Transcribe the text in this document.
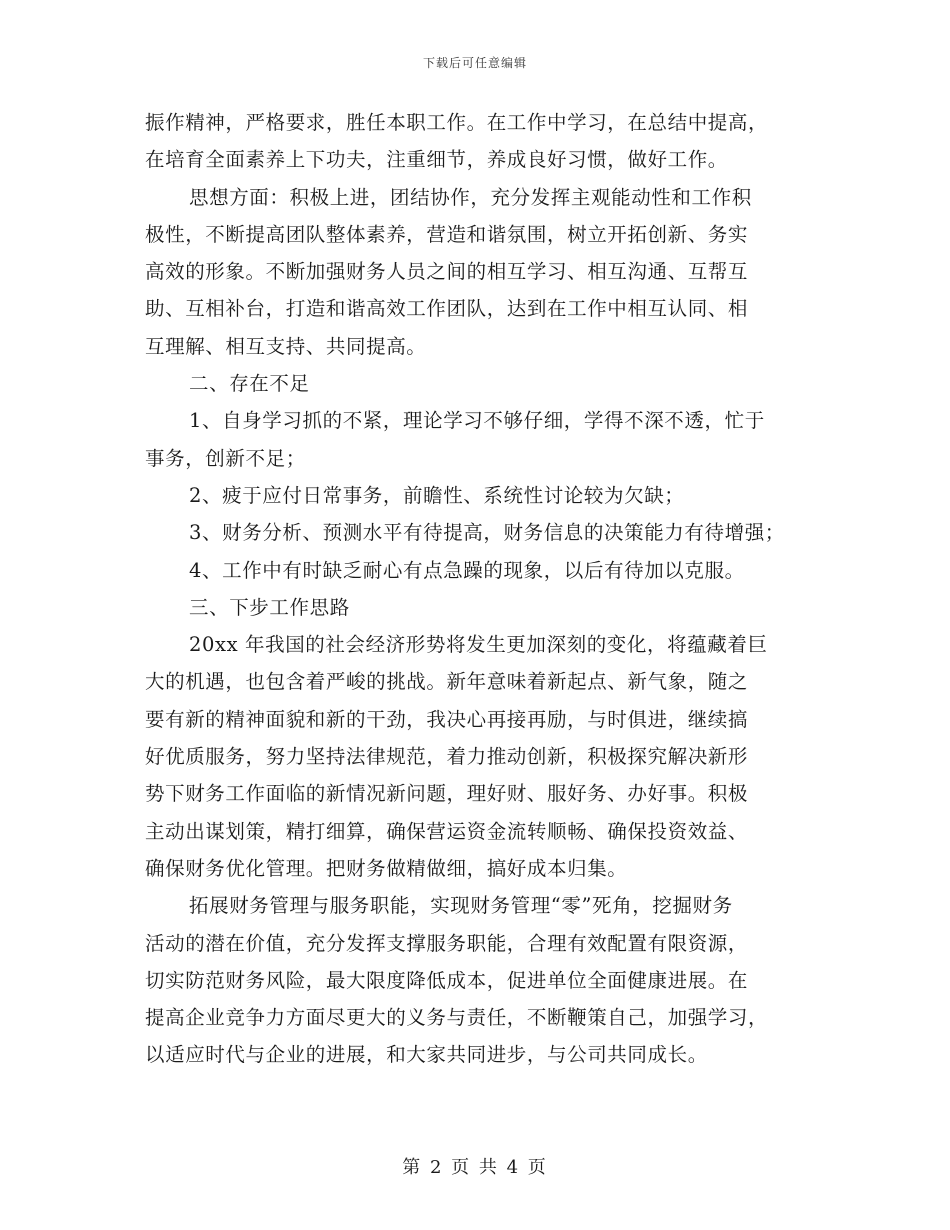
下载后可任意编辑
振作精神，严格要求，胜任本职工作。在工作中学习，在总结中提高，
在培育全面素养上下功夫，注重细节，养成良好习惯，做好工作。
思想方面：积极上进，团结协作，充分发挥主观能动性和工作积
极性，不断提高团队整体素养，营造和谐氛围，树立开拓创新、务实
高效的形象。不断加强财务人员之间的相互学习、相互沟通、互帮互
助、互相补台，打造和谐高效工作团队，达到在工作中相互认同、相
互理解、相互支持、共同提高。
二、存在不足
1、自身学习抓的不紧，理论学习不够仔细，学得不深不透，忙于
事务，创新不足；
2、疲于应付日常事务，前瞻性、系统性讨论较为欠缺；
3、财务分析、预测水平有待提高，财务信息的决策能力有待增强；
4、工作中有时缺乏耐心有点急躁的现象，以后有待加以克服。
三、下步工作思路
20xx 年我国的社会经济形势将发生更加深刻的变化，将蕴藏着巨
大的机遇，也包含着严峻的挑战。新年意味着新起点、新气象，随之
要有新的精神面貌和新的干劲，我决心再接再励，与时俱进，继续搞
好优质服务，努力坚持法律规范，着力推动创新，积极探究解决新形
势下财务工作面临的新情况新问题，理好财、服好务、办好事。积极
主动出谋划策，精打细算，确保营运资金流转顺畅、确保投资效益、
确保财务优化管理。把财务做精做细，搞好成本归集。
拓展财务管理与服务职能，实现财务管理“零”死角，挖掘财务
活动的潜在价值，充分发挥支撑服务职能，合理有效配置有限资源，
切实防范财务风险，最大限度降低成本，促进单位全面健康进展。在
提高企业竞争力方面尽更大的义务与责任，不断鞭策自己，加强学习，
以适应时代与企业的进展，和大家共同进步，与公司共同成长。
第 2 页 共 4 页
